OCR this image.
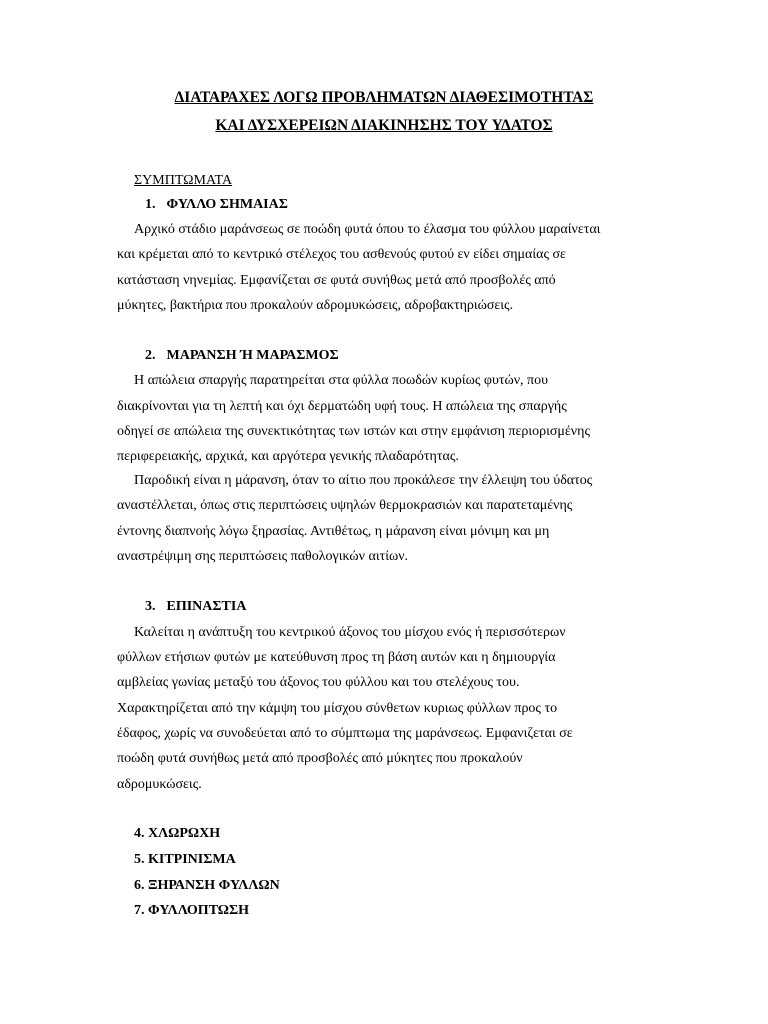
ΔΙΑΤΑΡΑΧΕΣ ΛΟΓΩ ΠΡΟΒΛΗΜΑΤΩΝ ΔΙΑΘΕΣΙΜΟΤΗΤΑΣ

ΚΑΙ ΔΥΣΧΕΡΕΙΩΝ ΔΙΑΚΙΝΗΣΗΣ ΤΟΥ ΥΔΑΤΟΣ

ΣΥΜΠΤΩΜΑΤΑ

1. ΦΥΛΛΟ ΣΗΜΑΙΑΣ

Αρχικό στάδιο μαράνσεως σε ποώδη φυτά όπου το έλασμα του φύλλου μαραίνεται

και κρέμεται από το κεντρικό στέλεχος του ασθενούς φυτού εν είδει σημαίας σε

κατάσταση νηνεμίας. Εμφανίζεται σε φυτά συνήθως μετά από προσβολές από

μύκητες, βακτήρια που προκαλούν αδρομυκώσεις, αδροβακτηριώσεις.

2. ΜΑΡΑΝΣΗ Ή ΜΑΡΑΣΜΟΣ

Η απώλεια σπαργής παρατηρείται στα φύλλα ποωδών κυρίως φυτών, που

διακρίνονται για τη λεπτή και όχι δερματώδη υφή τους. Η απώλεια της σπαργής

οδηγεί σε απώλεια της συνεκτικότητας των ιστών και στην εμφάνιση περιορισμένης

περιφερειακής, αρχικά, και αργότερα γενικής πλαδαρότητας.

Παροδική είναι η μάρανση, όταν το αίτιο που προκάλεσε την έλλειψη του ύδατος

αναστέλλεται, όπως στις περιπτώσεις υψηλών θερμοκρασιών και παρατεταμένης

έντονης διαπνοής λόγω ξηρασίας. Αντιθέτως, η μάρανση είναι μόνιμη και μη

αναστρέψιμη σης περιπτώσεις παθολογικών αιτίων.

3. ΕΠΙΝΑΣΤΙΑ

Καλείται η ανάπτυξη του κεντρικού άξονος του μίσχου ενός ή περισσότερων

φύλλων ετήσιων φυτών με κατεύθυνση προς τη βάση αυτών και η δημιουργία

αμβλείας γωνίας μεταξύ του άξονος του φύλλου και του στελέχους του.

Χαρακτηρίζεται από την κάμψη του μίσχου σύνθετων κυριως φύλλων προς το

έδαφος, χωρίς να συνοδεύεται από το σύμπτωμα της μαράνσεως. Εμφανιζεται σε

ποώδη φυτά συνήθως μετά από προσβολές από μύκητες που προκαλούν

αδρομυκώσεις.

4. ΧΛΩΡΩΧΗ

5. ΚΙΤΡΙΝΙΣΜΑ

6. ΞΗΡΑΝΣΗ ΦΥΛΛΩΝ

7. ΦΥΛΛΟΠΤΩΣΗ
